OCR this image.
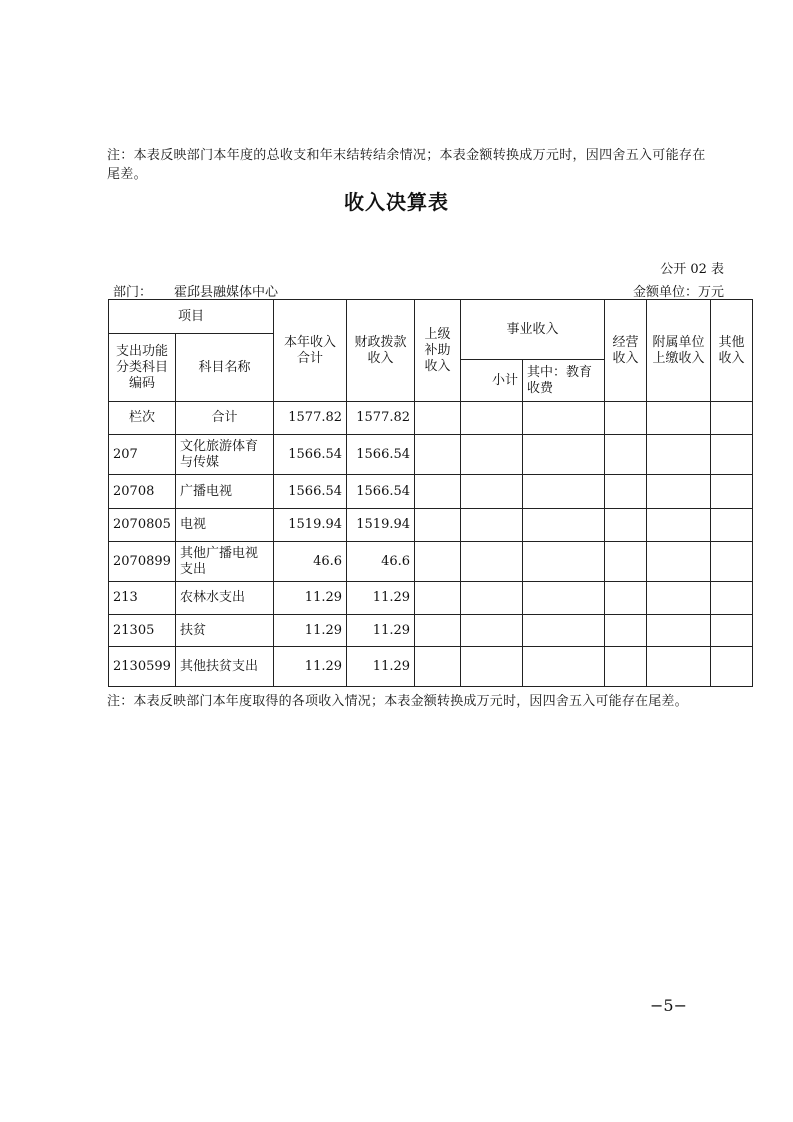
注：本表反映部门本年度的总收支和年末结转结余情况；本表金额转换成万元时，因四舍五入可能存在尾差。
收入决算表
公开 02 表
部门： 霍邱县融媒体中心	金额单位：万元
项目		本年收入合计	财政拨款收入	上级补助收入	事业收入		经营收入	附属单位上缴收入	其他收入
支出功能分类科目编码	科目名称								
					小计	其中：教育收费			
栏次	合计	1577.82	1577.82						
207	文化旅游体育与传媒	1566.54	1566.54						
20708	广播电视	1566.54	1566.54						
2070805	电视	1519.94	1519.94						
2070899	其他广播电视支出	46.6	46.6						
213	农林水支出	11.29	11.29						
21305	扶贫	11.29	11.29						
2130599	其他扶贫支出	11.29	11.29						
注：本表反映部门本年度取得的各项收入情况；本表金额转换成万元时，因四舍五入可能存在尾差。
−5−
